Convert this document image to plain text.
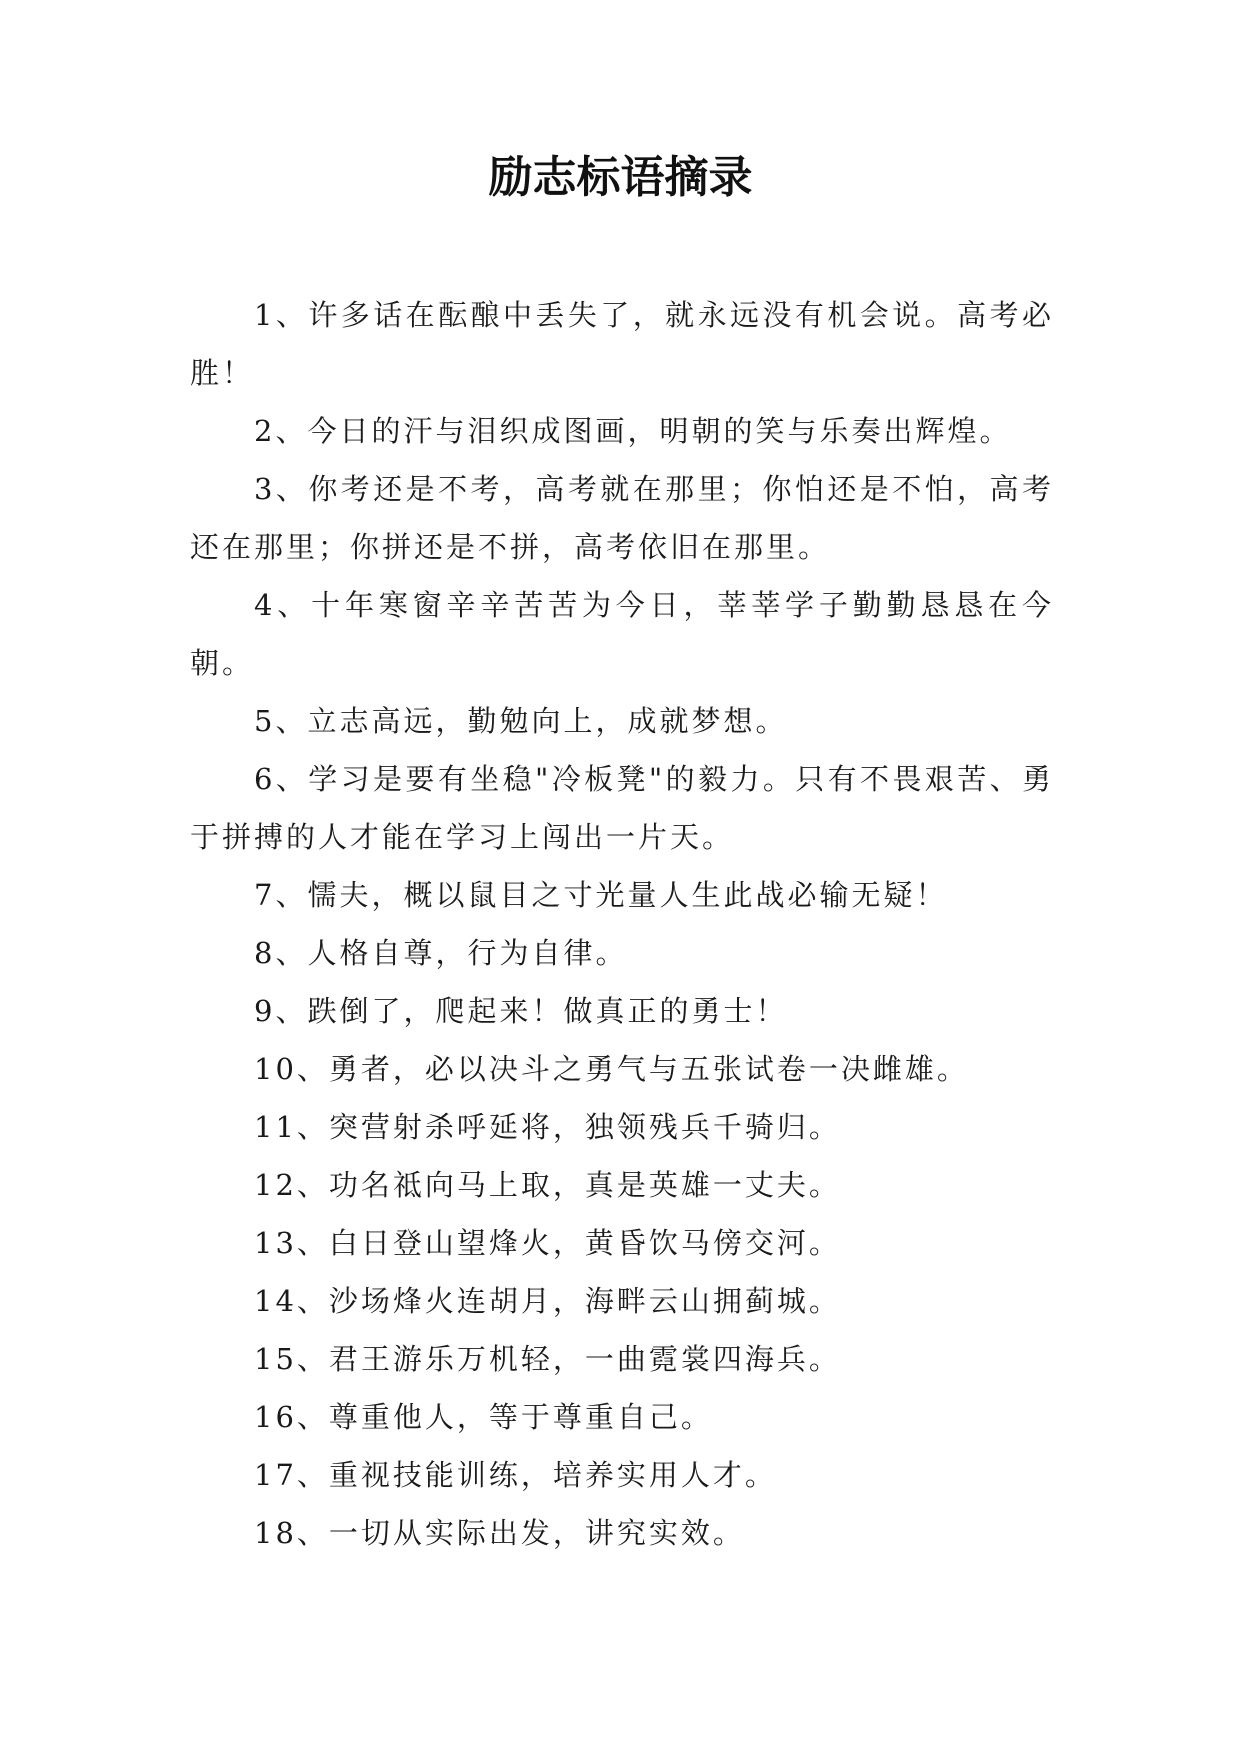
励志标语摘录

1、许多话在酝酿中丢失了，就永远没有机会说。高考必胜！

2、今日的汗与泪织成图画，明朝的笑与乐奏出辉煌。

3、你考还是不考，高考就在那里；你怕还是不怕，高考还在那里；你拼还是不拼，高考依旧在那里。

4、十年寒窗辛辛苦苦为今日，莘莘学子勤勤恳恳在今朝。

5、立志高远，勤勉向上，成就梦想。

6、学习是要有坐稳"冷板凳"的毅力。只有不畏艰苦、勇于拼搏的人才能在学习上闯出一片天。

7、懦夫，概以鼠目之寸光量人生此战必输无疑！

8、人格自尊，行为自律。

9、跌倒了，爬起来！做真正的勇士！

10、勇者，必以决斗之勇气与五张试卷一决雌雄。

11、突营射杀呼延将，独领残兵千骑归。

12、功名祗向马上取，真是英雄一丈夫。

13、白日登山望烽火，黄昏饮马傍交河。

14、沙场烽火连胡月，海畔云山拥蓟城。

15、君王游乐万机轻，一曲霓裳四海兵。

16、尊重他人，等于尊重自己。

17、重视技能训练，培养实用人才。

18、一切从实际出发，讲究实效。
